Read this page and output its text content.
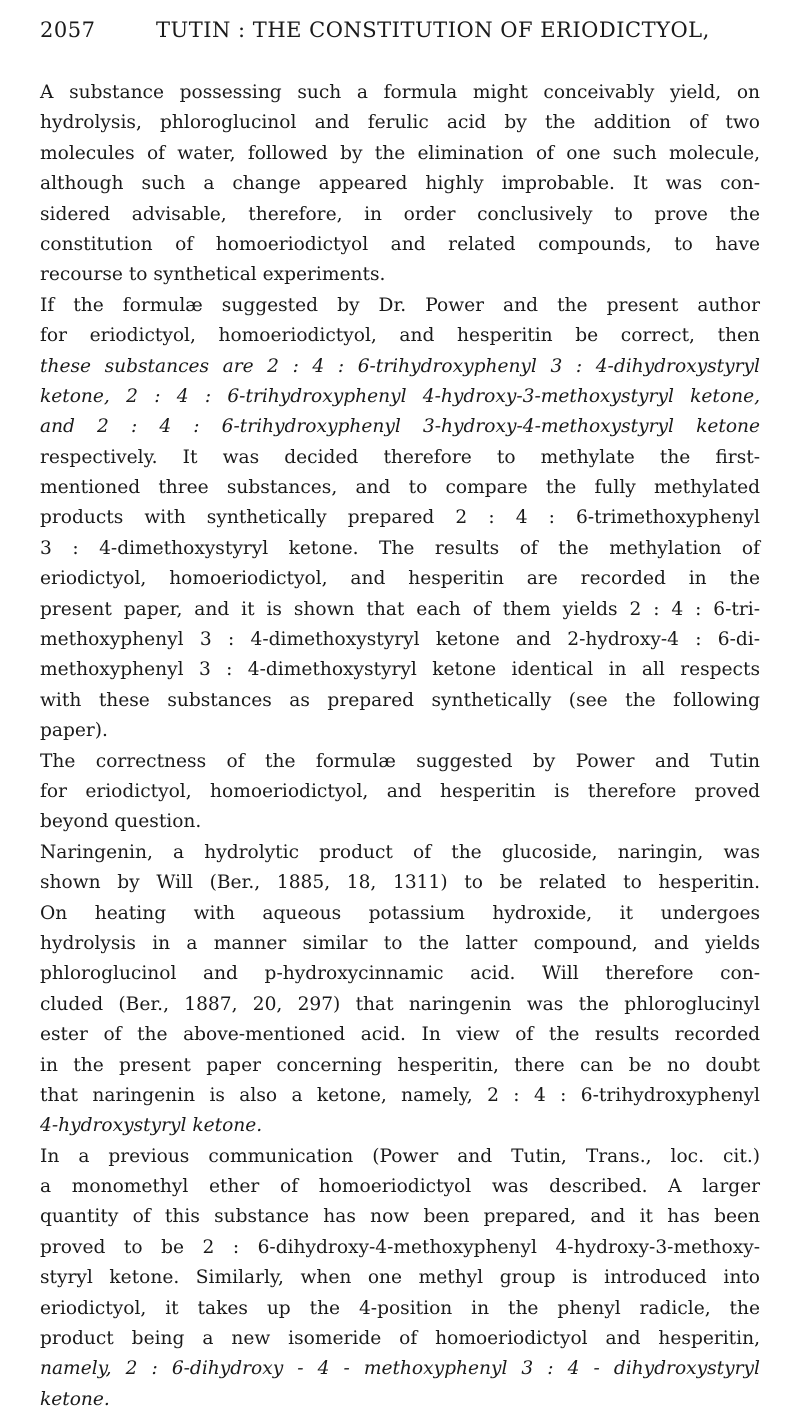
2057	TUTIN : THE CONSTITUTION OF ERIODICTYOL,
A substance possessing such a formula might conceivably yield, on
hydrolysis, phloroglucinol and ferulic acid by the addition of two
molecules of water, followed by the elimination of one such molecule,
although such a change appeared highly improbable. It was con-
sidered advisable, therefore, in order conclusively to prove the
constitution of homoeriodictyol and related compounds, to have
recourse to synthetical experiments.
If the formulæ suggested by Dr. Power and the present author
for eriodictyol, homoeriodictyol, and hesperitin be correct, then
these substances are 2 : 4 : 6-trihydroxyphenyl 3 : 4-dihydroxystyryl
ketone, 2 : 4 : 6-trihydroxyphenyl 4-hydroxy-3-methoxystyryl ketone,
and 2 : 4 : 6-trihydroxyphenyl 3-hydroxy-4-methoxystyryl ketone
respectively. It was decided therefore to methylate the first-
mentioned three substances, and to compare the fully methylated
products with synthetically prepared 2 : 4 : 6-trimethoxyphenyl
3 : 4-dimethoxystyryl ketone. The results of the methylation of
eriodictyol, homoeriodictyol, and hesperitin are recorded in the
present paper, and it is shown that each of them yields 2 : 4 : 6-tri-
methoxyphenyl 3 : 4-dimethoxystyryl ketone and 2-hydroxy-4 : 6-di-
methoxyphenyl 3 : 4-dimethoxystyryl ketone identical in all respects
with these substances as prepared synthetically (see the following
paper).
The correctness of the formulæ suggested by Power and Tutin
for eriodictyol, homoeriodictyol, and hesperitin is therefore proved
beyond question.
Naringenin, a hydrolytic product of the glucoside, naringin, was
shown by Will (Ber., 1885, 18, 1311) to be related to hesperitin.
On heating with aqueous potassium hydroxide, it undergoes
hydrolysis in a manner similar to the latter compound, and yields
phloroglucinol and p-hydroxycinnamic acid. Will therefore con-
cluded (Ber., 1887, 20, 297) that naringenin was the phloroglucinyl
ester of the above-mentioned acid. In view of the results recorded
in the present paper concerning hesperitin, there can be no doubt
that naringenin is also a ketone, namely, 2 : 4 : 6-trihydroxyphenyl
4-hydroxystyryl ketone.
In a previous communication (Power and Tutin, Trans., loc. cit.)
a monomethyl ether of homoeriodictyol was described. A larger
quantity of this substance has now been prepared, and it has been
proved to be 2 : 6-dihydroxy-4-methoxyphenyl 4-hydroxy-3-methoxy-
styryl ketone. Similarly, when one methyl group is introduced into
eriodictyol, it takes up the 4-position in the phenyl radicle, the
product being a new isomeride of homoeriodictyol and hesperitin,
namely, 2 : 6-dihydroxy - 4 - methoxyphenyl 3 : 4 - dihydroxystyryl
ketone.
